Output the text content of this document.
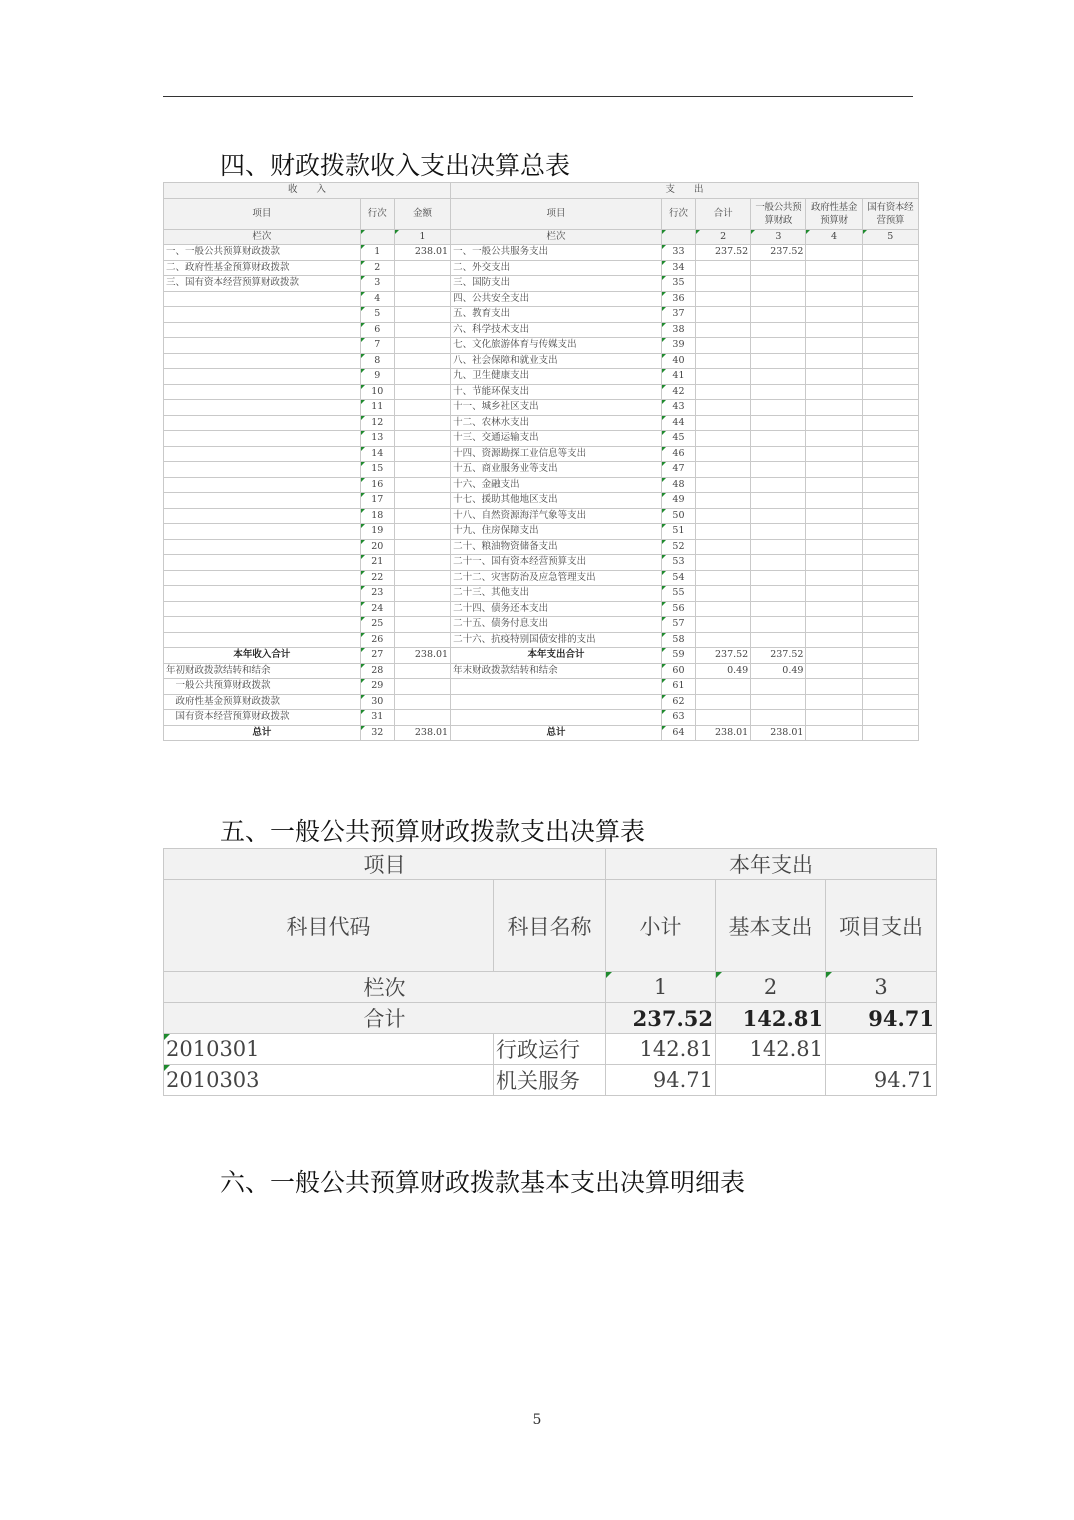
四、财政拨款收入支出决算总表
收　　入			支　　出					
项目	行次	金额	项目	行次	合计	一般公共预算财政	政府性基金预算财	国有资本经营预算
栏次		1	栏次		2	3	4	5
一、一般公共预算财政拨款	1	238.01	一、一般公共服务支出	33	237.52	237.52		
二、政府性基金预算财政拨款	2		二、外交支出	34				
三、国有资本经营预算财政拨款	3		三、国防支出	35				
	4		四、公共安全支出	36				
	5		五、教育支出	37				
	6		六、科学技术支出	38				
	7		七、文化旅游体育与传媒支出	39				
	8		八、社会保障和就业支出	40				
	9		九、卫生健康支出	41				
	10		十、节能环保支出	42				
	11		十一、城乡社区支出	43				
	12		十二、农林水支出	44				
	13		十三、交通运输支出	45				
	14		十四、资源勘探工业信息等支出	46				
	15		十五、商业服务业等支出	47				
	16		十六、金融支出	48				
	17		十七、援助其他地区支出	49				
	18		十八、自然资源海洋气象等支出	50				
	19		十九、住房保障支出	51				
	20		二十、粮油物资储备支出	52				
	21		二十一、国有资本经营预算支出	53				
	22		二十二、灾害防治及应急管理支出	54				
	23		二十三、其他支出	55				
	24		二十四、债务还本支出	56				
	25		二十五、债务付息支出	57				
	26		二十六、抗疫特别国债安排的支出	58				
本年收入合计	27	238.01	本年支出合计	59	237.52	237.52		
年初财政拨款结转和结余	28		年末财政拨款结转和结余	60	0.49	0.49		
　一般公共预算财政拨款	29			61				
　政府性基金预算财政拨款	30			62				
　国有资本经营预算财政拨款	31			63				
总计	32	238.01	总计	64	238.01	238.01		
五、一般公共预算财政拨款支出决算表
项目		本年支出		
科目代码	科目名称	小计	基本支出	项目支出
栏次		1	2	3
合计		237.52	142.81	94.71
2010301	行政运行	142.81	142.81	
2010303	机关服务	94.71		94.71
六、一般公共预算财政拨款基本支出决算明细表
5
